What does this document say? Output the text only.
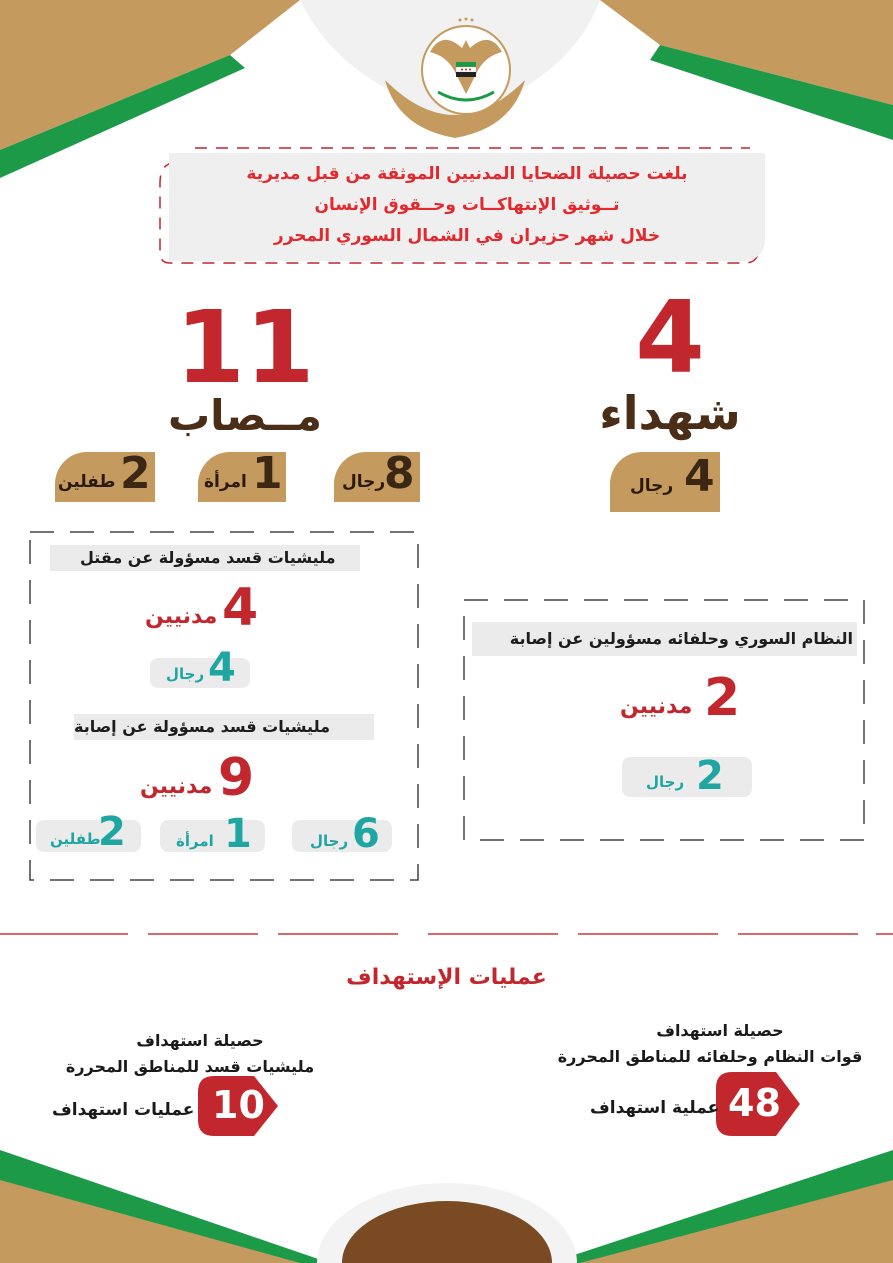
بلغت حصيلة الضحايا المدنيين الموثقة من قبل مديرية
تــوثيق الإنتهاكــات وحــقوق الإنسان
خلال شهر حزيران في الشمال السوري المحرر
4
شهداء
4
رجال
11
مــصاب
8
رجال
1
امرأة
2
طفلين
النظام السوري وحلفائه مسؤولين عن إصابة
2
مدنيين
2
رجال
مليشيات قسد مسؤولة عن مقتل
4
مدنيين
4
رجال
مليشيات قسد مسؤولة عن إصابة
9
مدنيين
6
رجال
1
امرأة
2
طفلين
عمليات الإستهداف
حصيلة استهداف
قوات النظام وحلفائه للمناطق المحررة
48
عملية استهداف
حصيلة استهداف
مليشيات قسد للمناطق المحررة
10
عمليات استهداف
